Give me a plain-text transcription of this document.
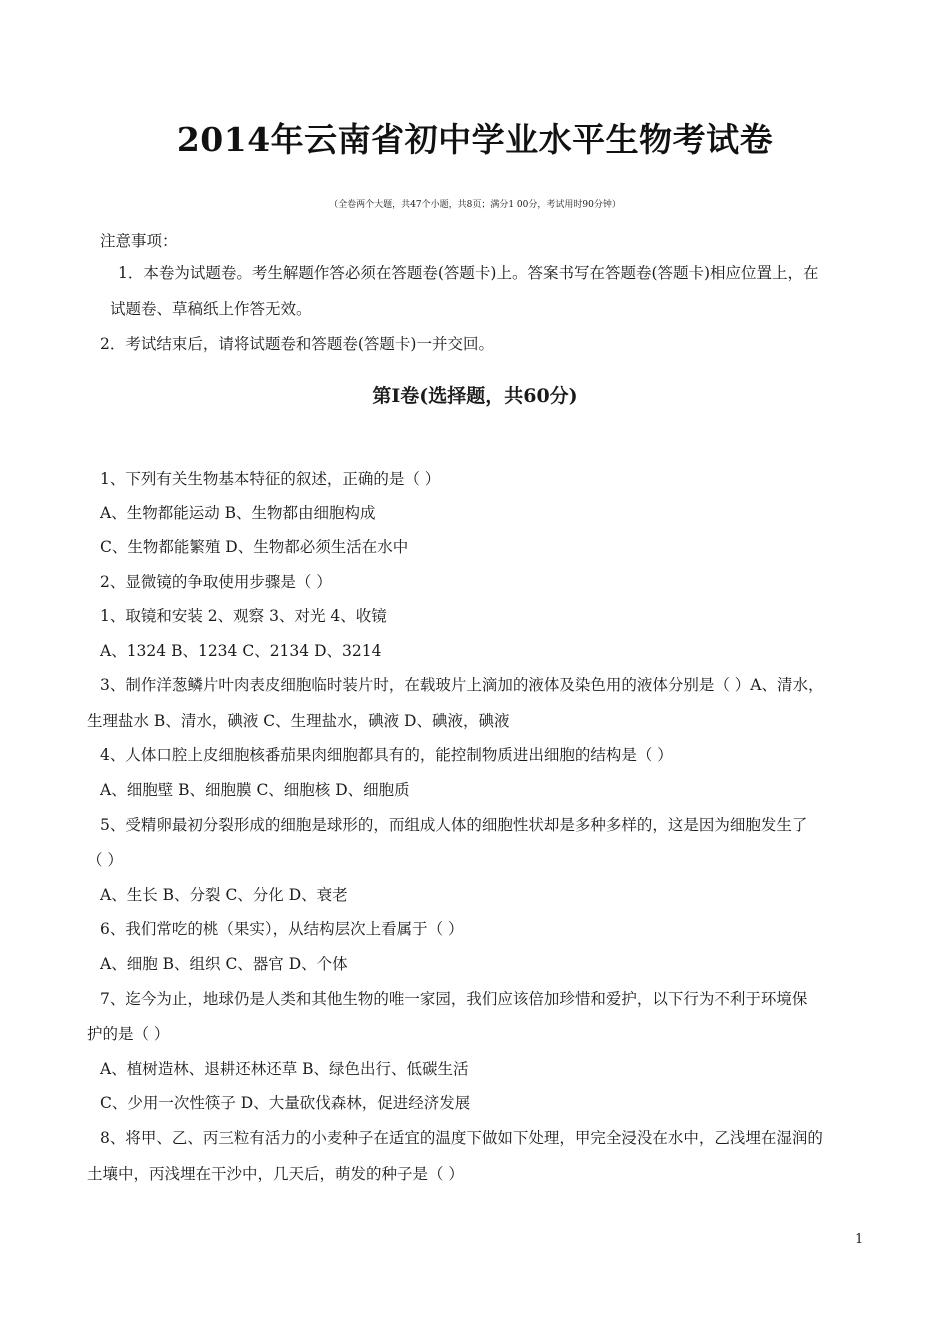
2014年云南省初中学业水平生物考试卷
（全卷两个大题，共47个小题，共8页；满分1 00分，考试用时90分钟）
注意事项：
1．本卷为试题卷。考生解题作答必须在答题卷(答题卡)上。答案书写在答题卷(答题卡)相应位置上，在
试题卷、草稿纸上作答无效。
2．考试结束后，请将试题卷和答题卷(答题卡)一并交回。
第Ⅰ卷(选择题，共60分)
1、下列有关生物基本特征的叙述，正确的是（ ）
A、生物都能运动 B、生物都由细胞构成
C、生物都能繁殖 D、生物都必须生活在水中
2、显微镜的争取使用步骤是（ ）
1、取镜和安装 2、观察 3、对光 4、收镜
A、1324 B、1234 C、2134 D、3214
3、制作洋葱鳞片叶肉表皮细胞临时装片时，在载玻片上滴加的液体及染色用的液体分别是（ ）A、清水，
生理盐水 B、清水，碘液 C、生理盐水，碘液 D、碘液，碘液
4、人体口腔上皮细胞核番茄果肉细胞都具有的，能控制物质进出细胞的结构是（ ）
A、细胞壁 B、细胞膜 C、细胞核 D、细胞质
5、受精卵最初分裂形成的细胞是球形的，而组成人体的细胞性状却是多种多样的，这是因为细胞发生了
（ ）
A、生长 B、分裂 C、分化 D、衰老
6、我们常吃的桃（果实），从结构层次上看属于（ ）
A、细胞 B、组织 C、器官 D、个体
7、迄今为止，地球仍是人类和其他生物的唯一家园，我们应该倍加珍惜和爱护，以下行为不利于环境保
护的是（ ）
A、植树造林、退耕还林还草 B、绿色出行、低碳生活
C、少用一次性筷子 D、大量砍伐森林，促进经济发展
8、将甲、乙、丙三粒有活力的小麦种子在适宜的温度下做如下处理，甲完全浸没在水中，乙浅埋在湿润的
土壤中，丙浅埋在干沙中，几天后，萌发的种子是（ ）
1
